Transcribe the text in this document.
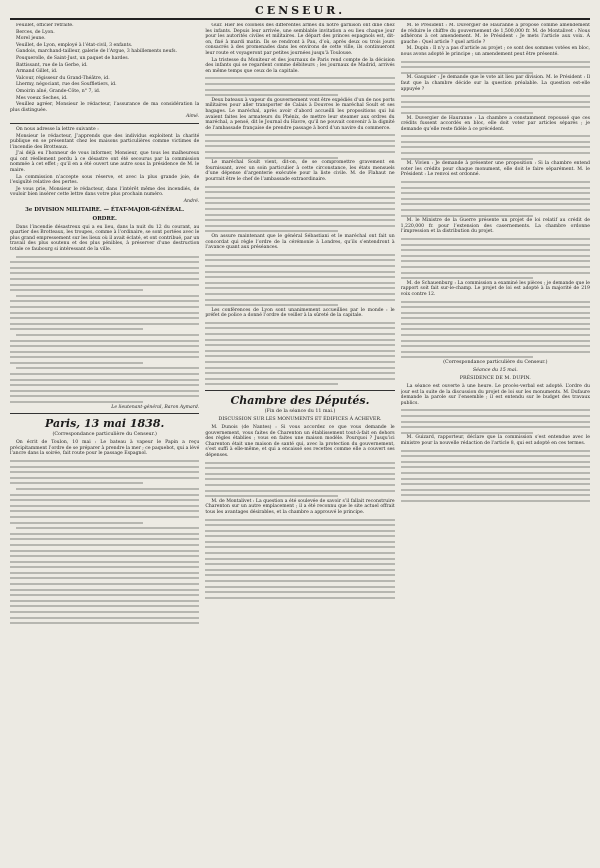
CENSEUR.

Feuillet, officier retraité.

Berces, de Lyon.

Morel jeune.

Veuillet, de Lyon, employé à l’état-civil, 3 enfants.

Gandois, marchand-tailleur, galerie de l’Argue, 3 habillements neufs.

Pouquerolle, de Saint-Just, un paquet de hardes.

Battissant, rue de la Gerbe, id.

Armand Gillet, id.

Valcour, régisseur du Grand-Théâtre, id.

Lhermy, négociant, rue des Souffletiers, id.

Omoirin aîné, Grande-Côte, n° 7, id.

Mes voeux Seches, id.

Veuillez agréer, Monsieur le rédacteur, l’assurance de ma considération la plus distinguée.

Aimé.

On nous adresse la lettre suivante :

Monsieur le rédacteur, J’apprends que des individus exploitent la charité publique en se présentant chez les maisons particulières comme victimes de l’incendie des Brotteaux.

J’ai déjà eu l’honneur de vous informer, Monsieur, que tous les malheureux qui ont réellement perdu à ce désastre ont été secourus par la commission nommée à cet effet ; qu’il en a été ouvert une autre sous la présidence de M. le maire.

La commission n’accepte sous réserve, et avec la plus grande joie, de l’exiguïté relative des pertes.

Je vous prie, Monsieur le rédacteur, dans l’intérêt même des incendiés, de vouloir bien insérer cette lettre dans votre plus prochain numéro.

André.

3e DIVISION MILITAIRE. — ÉTAT-MAJOR-GÉNÉRAL.
ORDRE.

Dans l’incendie désastreux qui a eu lieu, dans la nuit du 12 du courant, au quartier des Brotteaux, les troupes, comme à l’ordinaire, se sont portées avec le plus grand empressement sur les lieux où il avait éclaté, et ont contribué, par un travail des plus soutenu et des plus pénibles, à préserver d’une destruction totale ce faubourg si intéressant de la ville.

Le lieutenant-général, Baron Aymard.

Paris, 13 mai 1838.
(Correspondance particulière du Censeur.)

On écrit de Toulon, 10 mai : Le bateau à vapeur le Papin a reçu précipitamment l’ordre de se préparer à prendre la mer ; ce paquebot, qui a lévé l’ancre dans la soirée, fait route pour le passage Espagnol.

Guir. Hier les colonels des différentes armes du notre garnison ont diné chez les infants. Depuis leur arrivée, une semblable invitation a eu lieu chaque jour pour les autorités civiles et militaires. Le départ des princes espagnols est, dit-on, fixé à mardi matin. Ils se rendront à Pau, d’où, après deux ou trois jours consacrés à des promenades dans les environs de cette ville, ils continueront leur route et voyageront par petites journées jusqu’à Toulouse.

La tristesse du Moniteur et des journaux de Paris rend compte de la décision des infants qui se regardent comme débiteurs ; les journaux de Madrid, arrivés en même temps que ceux de la capitale.

Deux bateaux à vapeur du gouvernement vont être expédiés d’un de nos ports militaires pour aller transporter de Calais à Douvres le maréchal Soult et ses bagages. Le maréchal, après avoir d’abord accueilli les propositions qui lui avaient faites les armateurs du Phénix, de mettre leur steamer aux ordres du maréchal, a pensé, dit le Journal du Havre, qu’il ne pouvait convenir à la dignité de l’ambassade française de prendre passage à bord d’un navire du commerce.

Le maréchal Soult vient, dit-on, de se compromettre gravement en fournissant, avec un soin particulier à cette circonstance, les états mensuels d’une dépense d’argenterie exécutée pour la liste civile. M. de Flahaut ne pourrait être le chef de l’ambassade extraordinaire.

On assure maintenant que le général Sébastiani et le maréchal ont fait un concordat qui règle l’ordre de la cérémonie à Londres, qu’ils s’entendront à l’avance quant aux préséances.

Les conférences de Lyon sont unanimement accueillies par le monde : le préfet de police a donné l’ordre de veiller à la sûreté de la capitale.

Chambre des Députés.
(Fin de la séance du 11 mai.)
DISCUSSION SUR LES MONUMENTS ET ÉDIFICES À ACHEVER.

M. Dunois (de Nantes) : Si vous accordez ce que vous demande le gouvernement, vous faites de Charenton un établissement tout-à-fait en dehors des règles établies ; vous en faites une maison modèle. Pourquoi ? Jusqu’ici Charenton était une maison de santé qui, avec la protection du gouvernement, s’est suffi à elle-même, et qui a encaissé ses recettes comme elle a couvert ses dépenses.

M. de Montalivet : La question a été soulevée de savoir s’il fallait reconstruire Charenton sur un autre emplacement ; il a été reconnu que le site actuel offrait tous les avantages désirables, et la chambre a approuvé le principe.

M. le Président : M. Duvergier de Hauranne a proposé comme amendement de réduire le chiffre du gouvernement de 1,500,000 fr. M. de Montalivet : Nous adhérons à cet amendement. M. le Président : Je mets l’article aux voix. À gauche : Quel article ? quel article ?

M. Dupin : Il n’y a pas d’article au projet ; ce sont des sommes votées en bloc, nous avons adopté le principe ; un amendement peut être présenté.

M. Gauguier : Je demande que le vote ait lieu par division. M. le Président : Il faut que la chambre décide sur la question préalable. La question est-elle appuyée ?

M. Duvergier de Hauranne : La chambre a constamment repoussé que ces crédits fussent accordés en bloc, elle doit voter par articles séparés ; je demande qu’elle reste fidèle à ce précédent.

M. Vivien : Je demande à présenter une proposition : Si la chambre entend voter les crédits pour chaque monument, elle doit le faire séparément. M. le Président : Le renvoi est ordonné.

M. le Ministre de la Guerre présente un projet de loi relatif au crédit de 1,220,000 fr. pour l’extension des casernements. La chambre ordonne l’impression et la distribution du projet.

M. de Schauenburg : La commission a examiné les pièces ; je demande que le rapport soit fait sur-le-champ. Le projet de loi est adopté à la majorité de 219 voix contre 12.

(Correspondance particulière du Censeur.)
Séance du 15 mai.
PRÉSIDENCE DE M. DUPIN.

La séance est ouverte à une heure. Le procès-verbal est adopté. L’ordre du jour est la suite de la discussion du projet de loi sur les monuments. M. Dufaure demande la parole sur l’ensemble ; il est entendu sur le budget des travaux publics.

M. Guizard, rapporteur, déclare que la commission s’est entendue avec le ministre pour la nouvelle rédaction de l’article 8, qui est adopté en ces termes.
